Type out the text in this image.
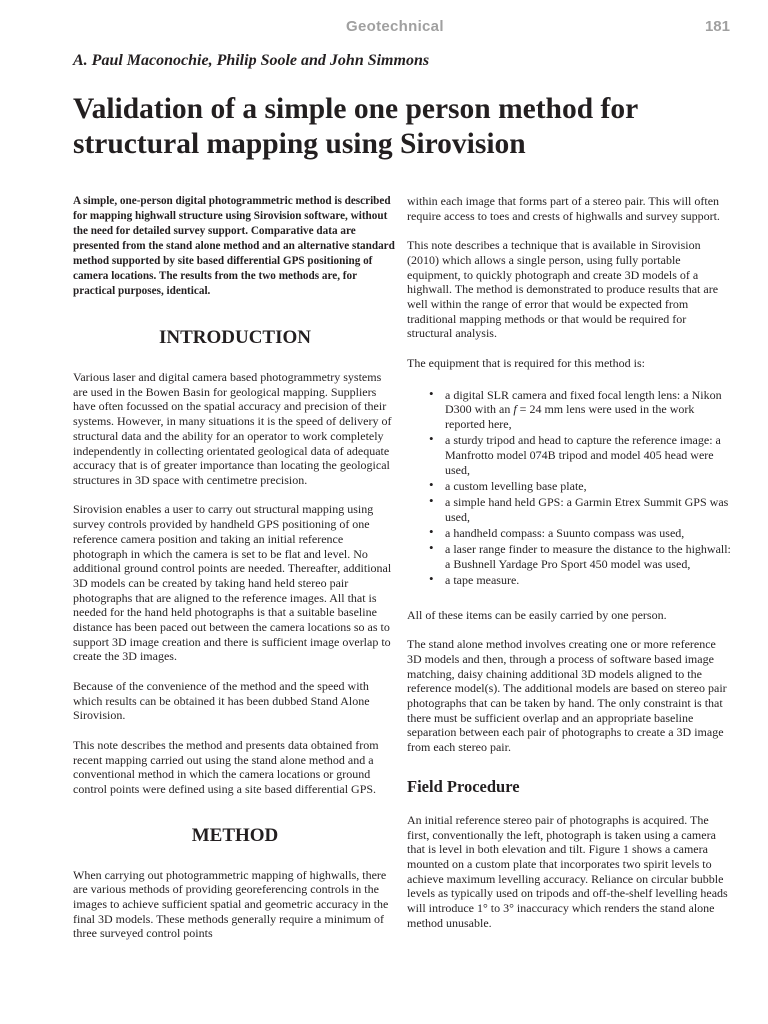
Geotechnical	181
A. Paul Maconochie, Philip Soole and John Simmons
Validation of a simple one person method for structural mapping using Sirovision

A simple, one-person digital photogrammetric method is described for mapping highwall structure using Sirovision software, without the need for detailed survey support. Comparative data are presented from the stand alone method and an alternative standard method supported by site based differential GPS positioning of camera locations. The results from the two methods are, for practical purposes, identical.

INTRODUCTION

Various laser and digital camera based photogrammetry systems are used in the Bowen Basin for geological mapping. Suppliers have often focussed on the spatial accuracy and precision of their systems. However, in many situations it is the speed of delivery of structural data and the ability for an operator to work completely independently in collecting orientated geological data of adequate accuracy that is of greater importance than locating the geological structures in 3D space with centimetre precision.

Sirovision enables a user to carry out structural mapping using survey controls provided by handheld GPS positioning of one reference camera position and taking an initial reference photograph in which the camera is set to be flat and level. No additional ground control points are needed. Thereafter, additional 3D models can be created by taking hand held stereo pair photographs that are aligned to the reference images. All that is needed for the hand held photographs is that a suitable baseline distance has been paced out between the camera locations so as to support 3D image creation and there is sufficient image overlap to create the 3D images.

Because of the convenience of the method and the speed with which results can be obtained it has been dubbed Stand Alone Sirovision.

This note describes the method and presents data obtained from recent mapping carried out using the stand alone method and a conventional method in which the camera locations or ground control points were defined using a site based differential GPS.

METHOD

When carrying out photogrammetric mapping of highwalls, there are various methods of providing georeferencing controls in the images to achieve sufficient spatial and geometric accuracy in the final 3D models. These methods generally require a minimum of three surveyed control points

within each image that forms part of a stereo pair. This will often require access to toes and crests of highwalls and survey support.

This note describes a technique that is available in Sirovision (2010) which allows a single person, using fully portable equipment, to quickly photograph and create 3D models of a highwall. The method is demonstrated to produce results that are well within the range of error that would be expected from traditional mapping methods or that would be required for structural analysis.

The equipment that is required for this method is:

• a digital SLR camera and fixed focal length lens: a Nikon D300 with an f = 24 mm lens were used in the work reported here,
• a sturdy tripod and head to capture the reference image: a Manfrotto model 074B tripod and model 405 head were used,
• a custom levelling base plate,
• a simple hand held GPS: a Garmin Etrex Summit GPS was used,
• a handheld compass: a Suunto compass was used,
• a laser range finder to measure the distance to the highwall: a Bushnell Yardage Pro Sport 450 model was used,
• a tape measure.

All of these items can be easily carried by one person.

The stand alone method involves creating one or more reference 3D models and then, through a process of software based image matching, daisy chaining additional 3D models aligned to the reference model(s). The additional models are based on stereo pair photographs that can be taken by hand. The only constraint is that there must be sufficient overlap and an appropriate baseline separation between each pair of photographs to create a 3D image from each stereo pair.

Field Procedure

An initial reference stereo pair of photographs is acquired. The first, conventionally the left, photograph is taken using a camera that is level in both elevation and tilt. Figure 1 shows a camera mounted on a custom plate that incorporates two spirit levels to achieve maximum levelling accuracy. Reliance on circular bubble levels as typically used on tripods and off-the-shelf levelling heads will introduce 1° to 3° inaccuracy which renders the stand alone method unusable.
